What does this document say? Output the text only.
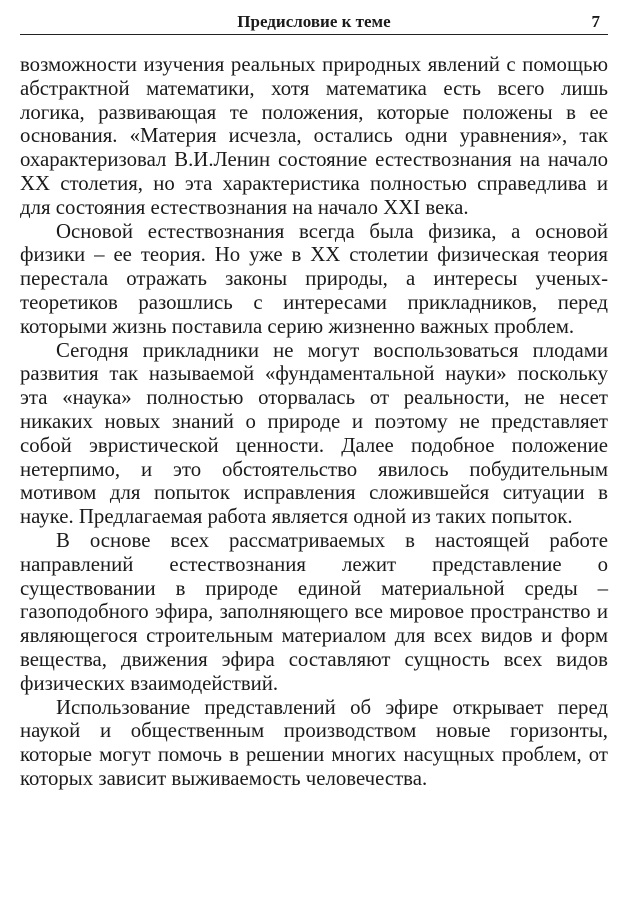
Предисловие к теме	7

возможности изучения реальных природных явлений с помощью абстрактной математики, хотя математика есть всего лишь логика, развивающая те положения, которые положены в ее основания. «Материя исчезла, остались одни уравнения», так охарактеризовал В.И.Ленин состояние естествознания на начало XX столетия, но эта характеристика полностью справедлива и для состояния естествознания на начало XXI века.

Основой естествознания всегда была физика, а основой физики – ее теория. Но уже в XX столетии физическая теория перестала отражать законы природы, а интересы ученых-теоретиков разошлись с интересами прикладников, перед которыми жизнь поставила серию жизненно важных проблем.

Сегодня прикладники не могут воспользоваться плодами развития так называемой «фундаментальной науки» поскольку эта «наука» полностью оторвалась от реальности, не несет никаких новых знаний о природе и поэтому не представляет собой эвристической ценности. Далее подобное положение нетерпимо, и это обстоятельство явилось побудительным мотивом для попыток исправления сложившейся ситуации в науке. Предлагаемая работа является одной из таких попыток.

В основе всех рассматриваемых в настоящей работе направлений естествознания лежит представление о существовании в природе единой материальной среды – газоподобного эфира, заполняющего все мировое пространство и являющегося строительным материалом для всех видов и форм вещества, движения эфира составляют сущность всех видов физических взаимодействий.

Использование представлений об эфире открывает перед наукой и общественным производством новые горизонты, которые могут помочь в решении многих насущных проблем, от которых зависит выживаемость человечества.
